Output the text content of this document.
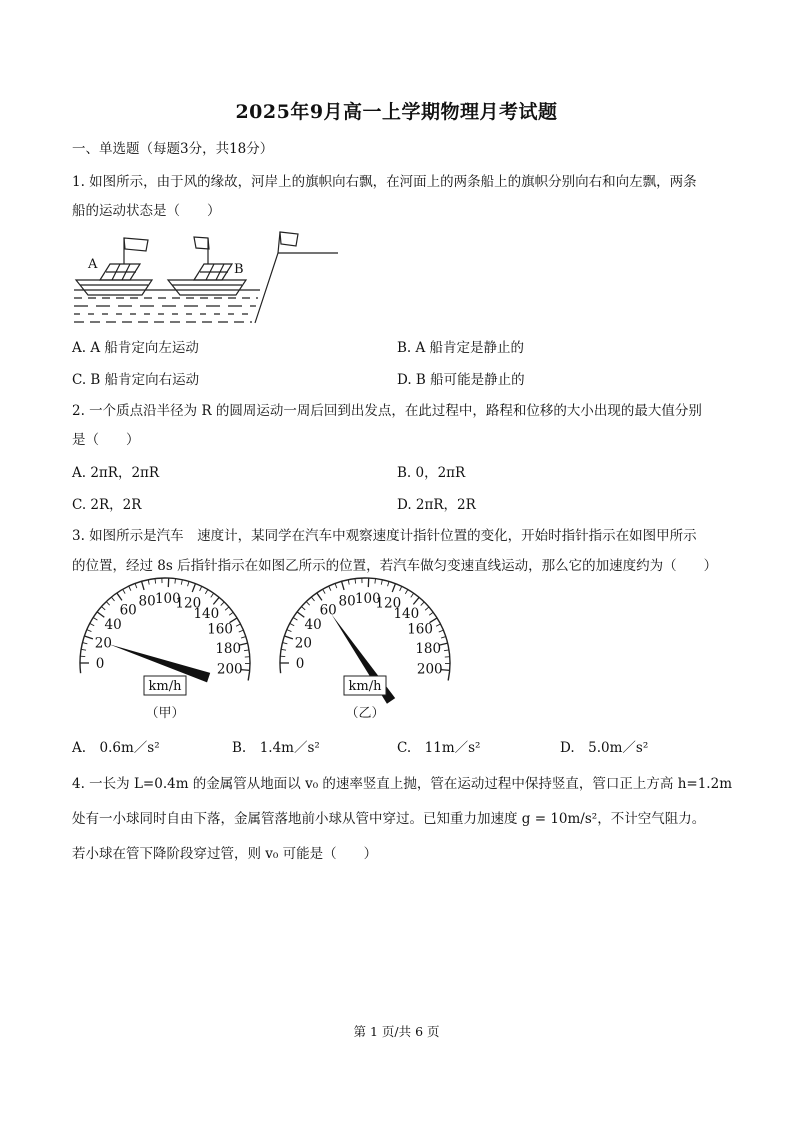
2025年9月高一上学期物理月考试题
一、单选题（每题3分，共18分）
1. 如图所示，由于风的缘故，河岸上的旗帜向右飘，在河面上的两条船上的旗帜分别向右和向左飘，两条
船的运动状态是（　　）
A	B
A. A 船肯定向左运动	B. A 船肯定是静止的
C. B 船肯定向右运动	D. B 船可能是静止的
2. 一个质点沿半径为 R 的圆周运动一周后回到出发点，在此过程中，路程和位移的大小出现的最大值分别
是（　　）
A. 2πR，2πR	B. 0，2πR
C. 2R，2R	D. 2πR，2R
3. 如图所示是汽车　速度计，某同学在汽车中观察速度计指针位置的变化，开始时指针指示在如图甲所示
的位置，经过 8s 后指针指示在如图乙所示的位置，若汽车做匀变速直线运动，那么它的加速度约为（　　）
0
20
40
60
80 100
120
140
160
180
200
km/h
（甲）
0
20
40
60
80 100
120
140
160
180
200
km/h
（乙）
A.　0.6m／s²	B.　1.4m／s²	C.　11m／s²	D.　5.0m／s²
4. 一长为 L=0.4m 的金属管从地面以 v₀ 的速率竖直上抛，管在运动过程中保持竖直，管口正上方高 h=1.2m
处有一小球同时自由下落，金属管落地前小球从管中穿过。已知重力加速度 g = 10m/s²，不计空气阻力。
若小球在管下降阶段穿过管，则 v₀ 可能是（　　）
第 1 页/共 6 页
